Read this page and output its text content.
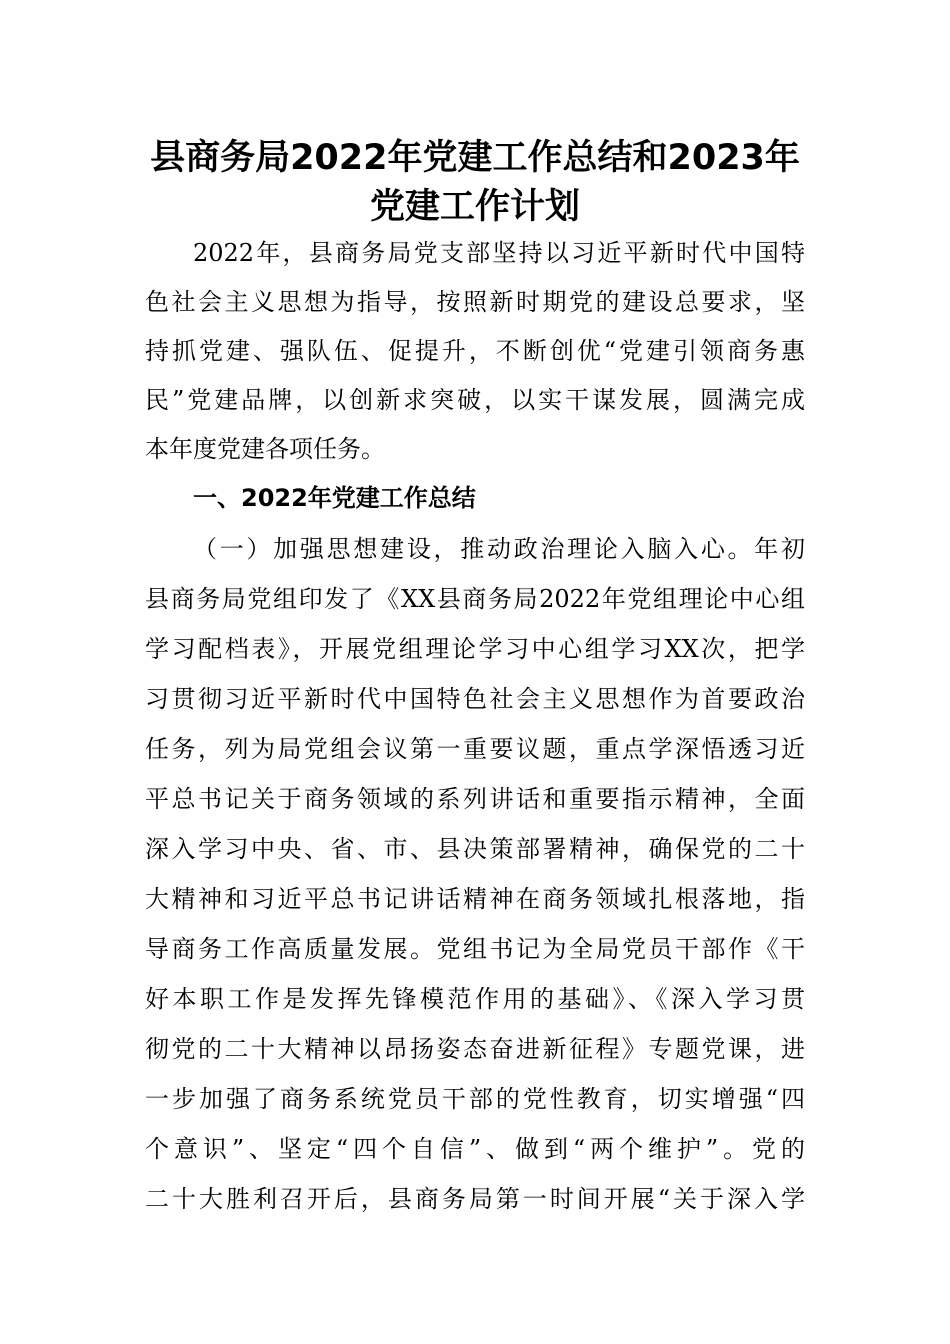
县商务局2022年党建工作总结和2023年
党建工作计划
2022年，县商务局党支部坚持以习近平新时代中国特
色社会主义思想为指导，按照新时期党的建设总要求，坚
持抓党建、强队伍、促提升，不断创优“党建引领商务惠
民”党建品牌，以创新求突破，以实干谋发展，圆满完成
本年度党建各项任务。
一、2022年党建工作总结
（一）加强思想建设，推动政治理论入脑入心。年初
县商务局党组印发了《XX县商务局2022年党组理论中心组
学习配档表》，开展党组理论学习中心组学习XX次，把学
习贯彻习近平新时代中国特色社会主义思想作为首要政治
任务，列为局党组会议第一重要议题，重点学深悟透习近
平总书记关于商务领域的系列讲话和重要指示精神，全面
深入学习中央、省、市、县决策部署精神，确保党的二十
大精神和习近平总书记讲话精神在商务领域扎根落地，指
导商务工作高质量发展。党组书记为全局党员干部作《干
好本职工作是发挥先锋模范作用的基础》、《深入学习贯
彻党的二十大精神以昂扬姿态奋进新征程》专题党课，进
一步加强了商务系统党员干部的党性教育，切实增强“四
个意识”、坚定“四个自信”、做到“两个维护”。党的
二十大胜利召开后，县商务局第一时间开展“关于深入学
